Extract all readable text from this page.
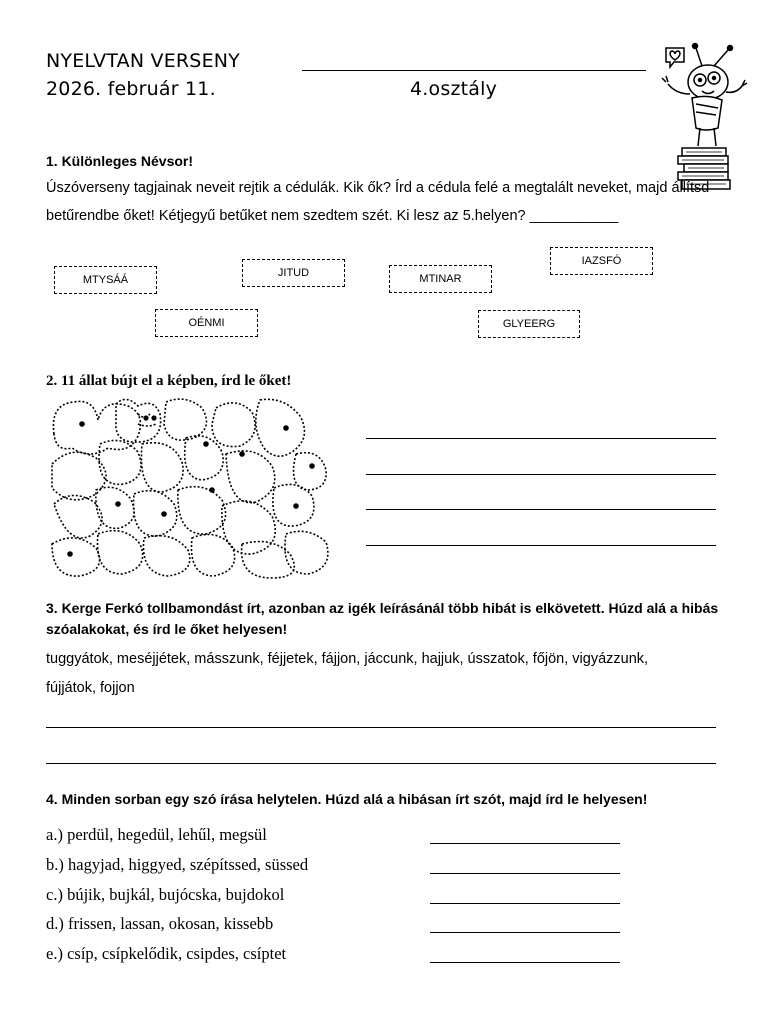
NYELVTAN VERSENY
2026. február 11.	4.osztály
1. Különleges Névsor!
Úszóverseny tagjainak neveit rejtik a cédulák. Kik ők? Írd a cédula felé a megtalált neveket, majd állítsd
betűrendbe őket! Kétjegyű betűket nem szedtem szét. Ki lesz az 5.helyen? ___________
MTYSÁÁ
JITUD	MTINAR
IAZSFÓ
OÉNMI	GLYEERG
2. 11 állat bújt el a képben, írd le őket!
3. Kerge Ferkó tollbamondást írt, azonban az igék leírásánál több hibát is elkövetett. Húzd alá a hibás
szóalakokat, és írd le őket helyesen!
tuggyátok, meséjjétek, másszunk, féjjetek, fájjon, jáccunk, hajjuk, ússzatok, főjön, vigyázzunk,
fújjátok, fojjon
4. Minden sorban egy szó írása helytelen. Húzd alá a hibásan írt szót, majd írd le helyesen!
a.) perdül, hegedül, lehűl, megsül
b.) hagyjad, higgyed, szépítssed, süssed
c.) bújik, bujkál, bujócska, bujdokol
d.) frissen, lassan, okosan, kissebb
e.) csíp, csípkelődik, csipdes, csíptet
